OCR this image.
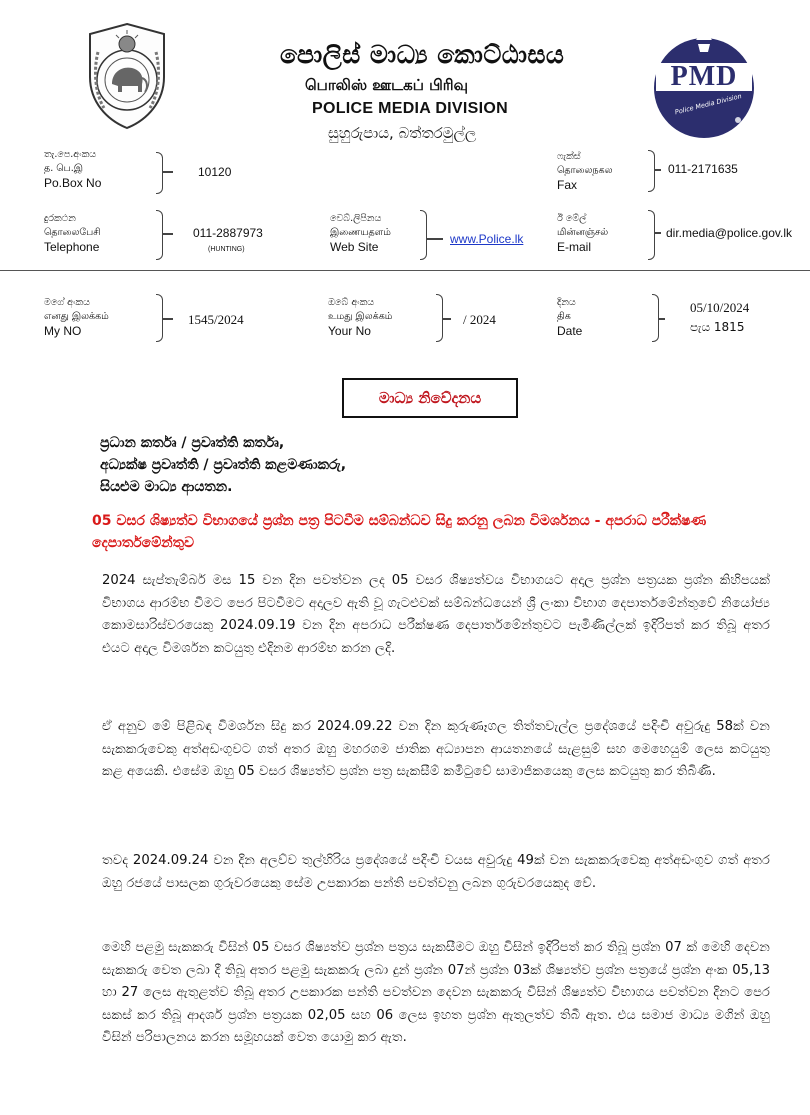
පොලිස් මාධ්‍ය කොට්ඨාසය
பொலிஸ் ஊடகப் பிரிவு
POLICE MEDIA DIVISION
සුහුරුපාය, බත්තරමුල්ල
PMD
Police Media Division
තැ.පෙ.අංකය
த. பெ.இ
Po.Box No
10120
ෆැක්ස්
தொலைநகல
Fax
011-2171635
දුරකථන
தொலைபேசி
Telephone
011-2887973
(HUNTING)
වෙබ්.ලිපිනය
இணையதளம்
Web Site
www.Police.lk
ඊ මේල්
மின்னஞ்சல்
E-mail
dir.media@police.gov.lk
මගේ අංකය
எனது இலக்கம்
My NO
1545/2024
ඔබේ අංකය
உமது இலக்கம்
Your No
/ 2024
දිනය
திக
Date
05/10/2024
පැය 1815
මාධ්‍ය නිවේදනය
ප්‍රධාන කර්තෘ / ප්‍රවෘත්ති කර්තෘ,
අධ්‍යක්ෂ ප්‍රවෘත්ති / ප්‍රවෘත්ති කළමණාකරු,
සියළුම මාධ්‍ය ආයතන.
05 වසර ශිෂ්‍යත්ව විභාගයේ ප්‍රශ්න පත්‍ර පිටවීම සම්බන්ධව සිදු කරනු ලබන විමර්ශනය - අපරාධ පරීක්ෂණ දෙපාර්තමේන්තුව
2024 සැප්තැම්බර් මස 15 වන දින පවත්වන ලද 05 වසර ශිෂ්‍යත්වය විභාගයට අදාල ප්‍රශ්න පත්‍රයක ප්‍රශ්න කිහිපයක් විභාගය ආරම්භ වීමට පෙර පිටවීමට අදාලව ඇති වූ ගැටළුවක් සම්බන්ධයෙන් ශ්‍රී ලංකා විභාග දෙපාර්තමේන්තුවේ නියෝජ්‍ය කොමසාරිස්වරයෙකු 2024.09.19 වන දින අපරාධ පරීක්ෂණ දෙපාර්තමේන්තුවට පැමිණිල්ලක් ඉදිරිපත් කර තිබූ අතර එයට අදාල විමර්ශන කටයුතු එදිනම ආරම්භ කරන ලදි.
ඒ අනුව මේ පිළිබඳ විමර්ශන සිදු කර 2024.09.22 වන දින කුරුණෑගල තිත්තවැල්ල ප්‍රදේශයේ පදිංචි අවුරුදු 58ක් වන සැකකරුවෙකු අත්අඩංගුවට ගත් අතර ඔහු මහරගම ජාතික අධ්‍යාපන ආයතනයේ සැළසුම් සහ මෙහෙයුම් ලෙස කටයුතු කළ අයෙකි. එසේම ඔහු 05 වසර ශිෂ්‍යත්ව ප්‍රශ්න පත්‍ර සැකසීම් කමිටුවේ සාමාජිකයෙකු ලෙස කටයුතු කර තිබිණි.
තවද 2024.09.24 වන දින අලව්ව තුල්හිරිය ප්‍රදේශයේ පදිංචි වයස අවුරුදු 49ක් වන සැකකරුවෙකු අත්අඩංගුව ගත් අතර ඔහු රජයේ පාසලක ගුරුවරයෙකු සේම උපකාරක පන්ති පවත්වනු ලබන ගුරුවරයෙකුද වේ.
මෙහි පළමු සැකකරු විසින් 05 වසර ශිෂ්‍යත්ව ප්‍රශ්න පත්‍රය සැකසීමට ඔහු විසින් ඉදිරිපත් කර තිබූ ප්‍රශ්න 07 ක් මෙහි දෙවන සැකකරු වෙත ලබා දී තිබූ අතර පළමු සැකකරු ලබා දුන් ප්‍රශ්න 07න් ප්‍රශ්න 03ක් ශිෂ්‍යත්ව ප්‍රශ්න පත්‍රයේ ප්‍රශ්න අංක 05,13 හා 27 ලෙස ඇතුළත්ව තිබූ අතර උපකාරක පන්ති පවත්වන දෙවන සැකකරු විසින් ශිෂ්‍යත්ව විභාගය පවත්වන දිනට පෙර සකස් කර තිබූ ආදර්ශ ප්‍රශ්න පත්‍රයක 02,05 සහ 06 ලෙස ඉහත ප්‍රශ්න ඇතුලත්ව තිබී ඇත. එය සමාජ මාධ්‍ය මගින් ඔහු විසින් පරිපාලනය කරන සමූහයක් වෙත යොමු කර ඇත.
